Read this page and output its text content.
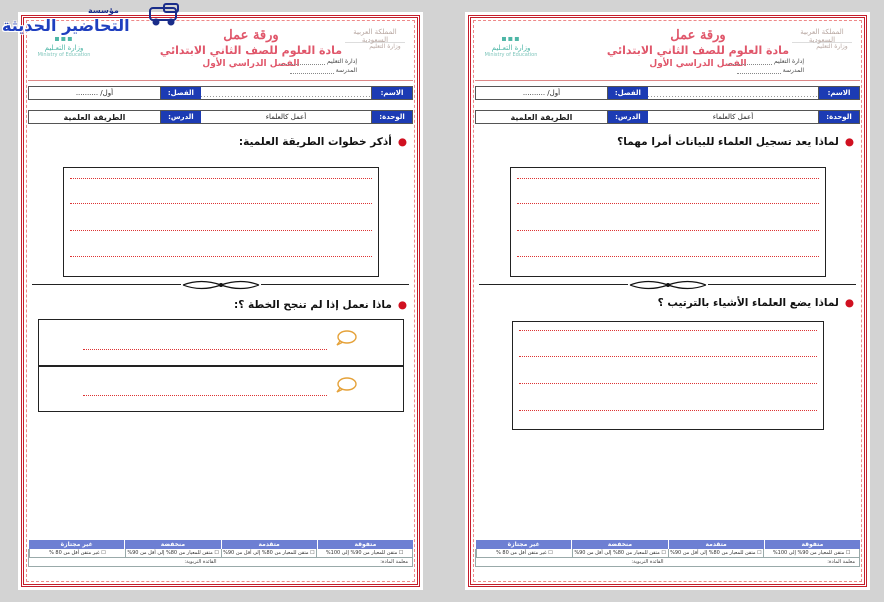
المملكة العربية السعودية
وزارة التعليم
ورقة عمل
مادة العلوم للصف الثاني الابتدائي
الفصل الدراسي الأول	إدارة التعليم
المدرسة
▪▪▪
وزارة التعـليم
Ministry of Education
الاسم:
الفصل:
أول/ ..........
الوحدة:
أعمل كالعلماء
الدرس:
الطريقة العلمية
●أذكر خطوات الطريقة العلمية:
●ماذا نعمل إذا لم تنجح الخطة ؟:
متفوقة
متقدمة
منخفضة
غير مجتازة
☐ متقن للمعيار من 90% إلى 100%
☐ متقن للمعيار من 80% إلى أقل من 90%
☐ متقن للمعيار من 80% إلى أقل من 90%
☐ غير متقن أقل من 80 %
معلمة المادة:
القائدة التربوية:
المملكة العربية السعودية
وزارة التعليم
ورقة عمل
مادة العلوم للصف الثاني الابتدائي
الفصل الدراسي الأول	إدارة التعليم
المدرسة
▪▪▪
وزارة التعـليم
Ministry of Education
الاسم:
الفصل:
أول/ ..........
الوحدة:
أعمل كالعلماء
الدرس:
الطريقة العلمية
●لماذا يعد تسجيل العلماء للبيانات أمرا مهما؟
●لماذا يضع العلماء الأشياء بالترتيب ؟
متفوقة
متقدمة
منخفضة
غير مجتازة
☐ متقن للمعيار من 90% إلى 100%
☐ متقن للمعيار من 80% إلى أقل من 90%
☐ متقن للمعيار من 80% إلى أقل من 90%
☐ غير متقن أقل من 80 %
معلمة المادة:
القائدة التربوية:
مؤسسة
التحاضير الحديثة
